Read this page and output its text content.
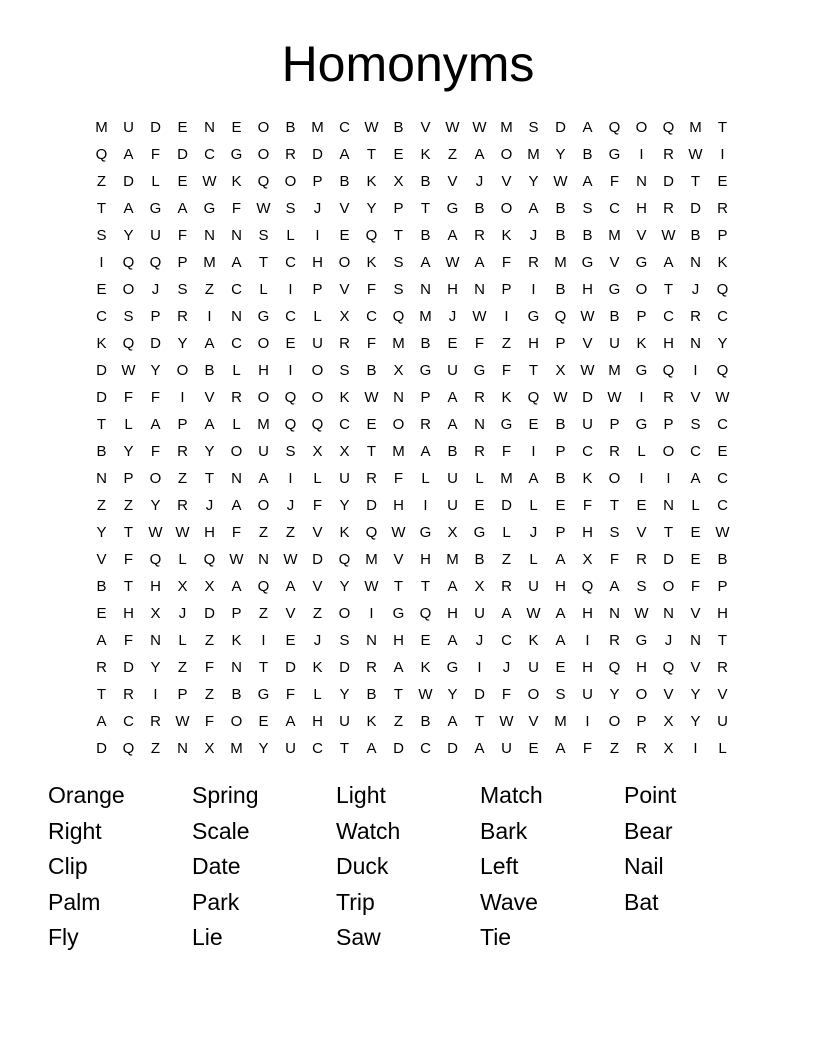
Homonyms
M	U	D	E	N	E	O	B	M	C W B	V W W M	S	D	A	Q	O	Q M	T
Q	A	F	D	C	G	O	R	D	A	T	E	K	Z	A	O M	Y	B	G	I	R W	I
Z	D	L	E W K	Q	O	P	B	K	X	B	V	J	V	Y W A	F	N	D	T	E
T	A	G	A	G	F	W S	J	V	Y	P	T	G	B	O	A	B	S	C	H	R	D	R
S	Y	U	F	N	N	S	L	I	E	Q	T	B	A	R	K	J	B	B	M	V W B	P
I	Q	Q	P	M	A	T	C	H	O	K	S	A W A	F	R	M G	V	G	A	N	K
E	O	J	S	Z	C	L	I	P	V	F	S	N	H	N	P	I	B	H	G	O	T	J	Q
C	S	P	R	I	N	G	C	L	X	C	Q M	J	W	I	G	Q W B	P	C	R	C
K	Q	D	Y	A	C	O	E	U	R	F	M	B	E	F	Z	H	P	V	U	K	H	N	Y
D W Y	O	B	L	H	I	O	S	B	X	G	U	G	F	T	X W M G	Q	I	Q
D	F	F	I	V	R	O	Q	O	K W N	P	A	R	K	Q W D W	I	R	V W
T	L	A	P	A	L	M Q	Q	C	E	O	R	A	N	G	E	B	U	P	G	P	S	C
B	Y	F	R	Y	O	U	S	X	X	T	M	A	B	R	F	I	P	C	R	L	O	C	E
N	P	O	Z	T	N	A	I	L	U	R	F	L	U	L	M	A	B	K	O	I	I	A	C
Z	Z	Y	R	J	A	O	J	F	Y	D	H	I	U	E	D	L	E	F	T	E	N	L	C
Y	T	W W H	F	Z	Z	V	K	Q W G	X	G	L	J	P	H	S	V	T	E W
V	F	Q	L	Q W N W D	Q M	V	H	M	B	Z	L	A	X	F	R	D	E	B
B	T	H	X	X	A	Q	A	V	Y W	T	T	A	X	R	U	H	Q	A	S	O	F	P
E	H	X	J	D	P	Z	V	Z	O	I	G	Q	H	U	A W A	H	N W N	V	H
A	F	N	L	Z	K	I	E	J	S	N	H	E	A	J	C	K	A	I	R	G	J	N	T
R	D	Y	Z	F	N	T	D	K	D	R	A	K	G	I	J	U	E	H	Q	H	Q	V	R
T	R	I	P	Z	B	G	F	L	Y	B	T	W Y	D	F	O	S	U	Y	O	V	Y	V
A	C	R W	F	O	E	A	H	U	K	Z	B	A	T	W V	M	I	O	P	X	Y	U
D	Q	Z	N	X	M	Y	U	C	T	A	D	C	D	A	U	E	A	F	Z	R	X	I	L
Orange
Right
Clip
Palm
Fly
Spring
Scale
Date
Park
Lie
Light
Watch
Duck
Trip
Saw
Match
Bark
Left
Wave
Tie
Point
Bear
Nail
Bat
